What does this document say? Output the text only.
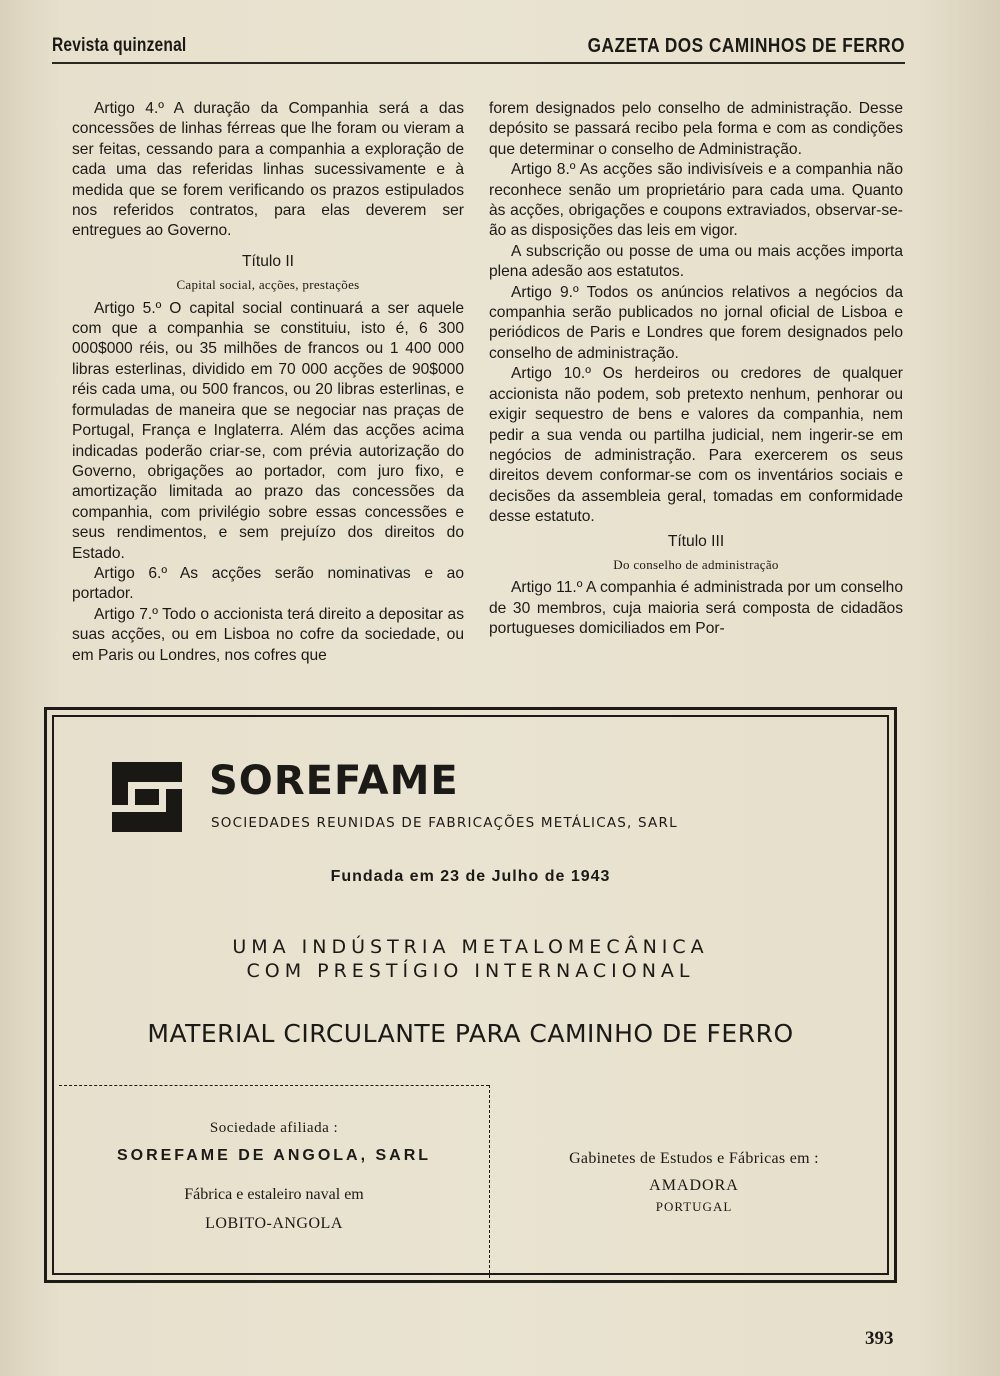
Revista quinzenal	GAZETA DOS CAMINHOS DE FERRO

Artigo 4.º A duração da Companhia será a das concessões de linhas férreas que lhe foram ou vieram a ser feitas, cessando para a companhia a exploração de cada uma das referidas linhas sucessivamente e à medida que se forem verificando os prazos estipulados nos referidos contratos, para elas deverem ser entregues ao Governo.

Título II
Capital social, acções, prestações

Artigo 5.º O capital social continuará a ser aquele com que a companhia se constituiu, isto é, 6 300 000$000 réis, ou 35 milhões de francos ou 1 400 000 libras esterlinas, dividido em 70 000 acções de 90$000 réis cada uma, ou 500 francos, ou 20 libras esterlinas, e formuladas de maneira que se negociar nas praças de Portugal, França e Inglaterra. Além das acções acima indicadas poderão criar-se, com prévia autorização do Governo, obrigações ao portador, com juro fixo, e amortização limitada ao prazo das concessões da companhia, com privilégio sobre essas concessões e seus rendimentos, e sem prejuízo dos direitos do Estado.

Artigo 6.º As acções serão nominativas e ao portador.

Artigo 7.º Todo o accionista terá direito a depositar as suas acções, ou em Lisboa no cofre da sociedade, ou em Paris ou Londres, nos cofres que

forem designados pelo conselho de administração. Desse depósito se passará recibo pela forma e com as condições que determinar o conselho de Administração.

Artigo 8.º As acções são indivisíveis e a companhia não reconhece senão um proprietário para cada uma. Quanto às acções, obrigações e coupons extraviados, observar-se-ão as disposições das leis em vigor.

A subscrição ou posse de uma ou mais acções importa plena adesão aos estatutos.

Artigo 9.º Todos os anúncios relativos a negócios da companhia serão publicados no jornal oficial de Lisboa e periódicos de Paris e Londres que forem designados pelo conselho de administração.

Artigo 10.º Os herdeiros ou credores de qualquer accionista não podem, sob pretexto nenhum, penhorar ou exigir sequestro de bens e valores da companhia, nem pedir a sua venda ou partilha judicial, nem ingerir-se em negócios de administração. Para exercerem os seus direitos devem conformar-se com os inventários sociais e decisões da assembleia geral, tomadas em conformidade desse estatuto.

Título III
Do conselho de administração

Artigo 11.º A companhia é administrada por um conselho de 30 membros, cuja maioria será composta de cidadãos portugueses domiciliados em Por-

SOREFAME
SOCIEDADES REUNIDAS DE FABRICAÇÕES METÁLICAS, SARL
Fundada em 23 de Julho de 1943
UMA INDÚSTRIA METALOMECÂNICA
COM PRESTÍGIO INTERNACIONAL
MATERIAL CIRCULANTE PARA CAMINHO DE FERRO
Sociedade afiliada :
SOREFAME DE ANGOLA, SARL
Fábrica e estaleiro naval em
LOBITO-ANGOLA
Gabinetes de Estudos e Fábricas em :
AMADORA
PORTUGAL
393
